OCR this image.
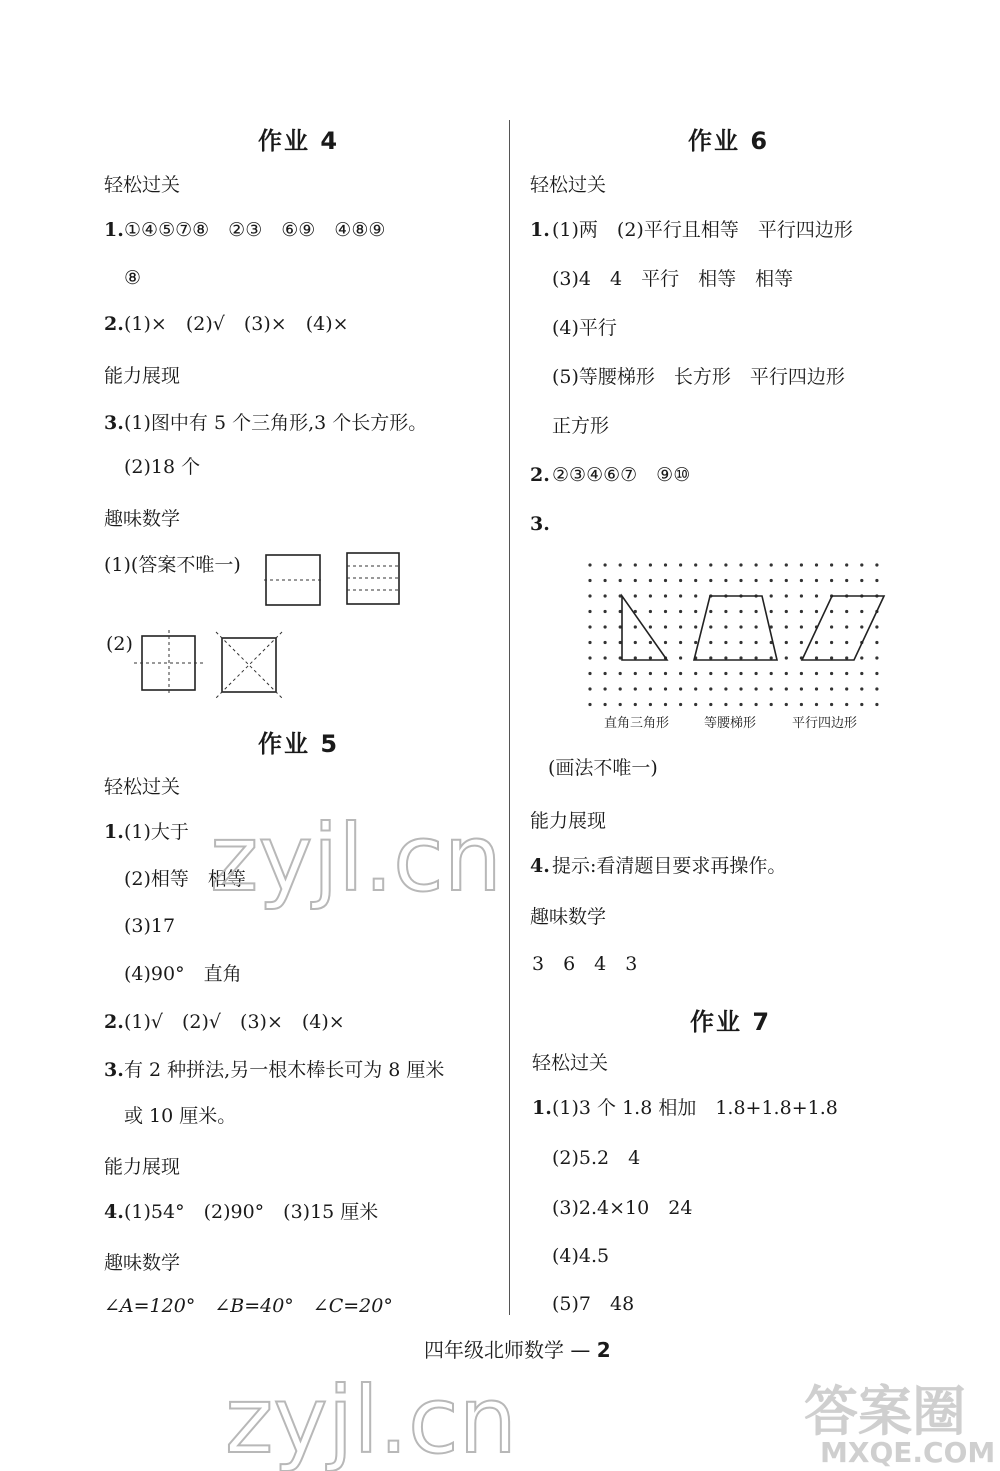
作业 4
轻松过关
1. ①④⑤⑦⑧　②③　⑥⑨　④⑧⑨
⑧
2. (1)×　(2)√　(3)×　(4)×
能力展现
3. (1)图中有 5 个三角形,3 个长方形。
(2)18 个
趣味数学
(1)(答案不唯一)
(2)
作业 5
轻松过关
1. (1)大于
(2)相等　相等
(3)17
(4)90°　直角
2. (1)√　(2)√　(3)×　(4)×
3. 有 2 种拼法,另一根木棒长可为 8 厘米
或 10 厘米。
能力展现
4. (1)54°　(2)90°　(3)15 厘米
趣味数学
∠A=120°　∠B=40°　∠C=20°
作业 6
轻松过关
1. (1)两　(2)平行且相等　平行四边形
(3)4　4　平行　相等　相等
(4)平行
(5)等腰梯形　长方形　平行四边形
正方形
2. ②③④⑥⑦　⑨⑩
3.
直角三角形	等腰梯形	平行四边形
(画法不唯一)
能力展现
4. 提示:看清题目要求再操作。
趣味数学
3　6　4　3
作业 7
轻松过关
1. (1)3 个 1.8 相加　1.8+1.8+1.8
(2)5.2　4
(3)2.4×10　24
(4)4.5
(5)7　48
四年级北师数学 — 2
zyjl.cn
zyjl.cn	答案圈
MXQE.COM
